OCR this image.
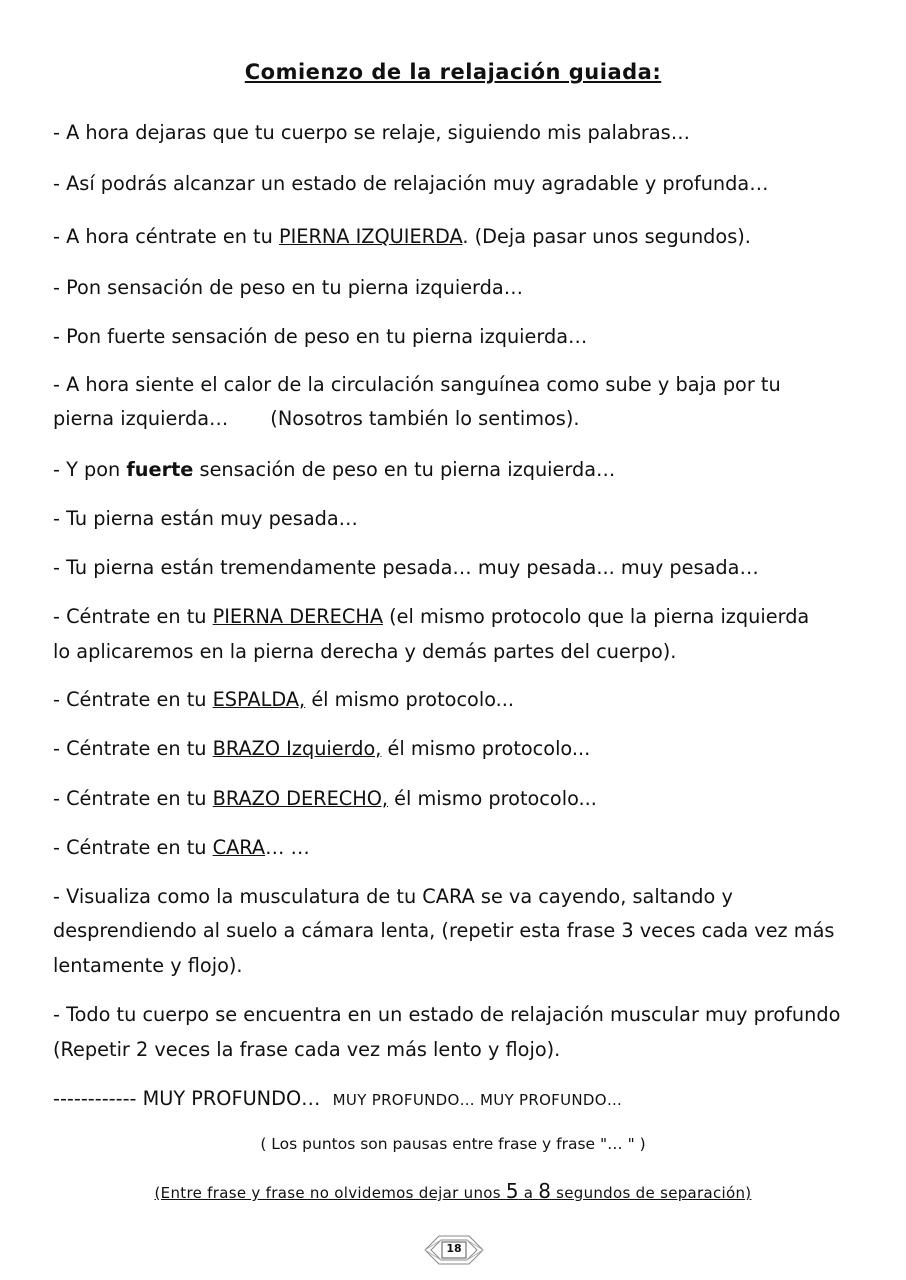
Comienzo de la relajación guiada:
- A hora dejaras que tu cuerpo se relaje, siguiendo mis palabras…
- Así podrás alcanzar un estado de relajación muy agradable y profunda…
- A hora céntrate en tu PIERNA IZQUIERDA. (Deja pasar unos segundos).
- Pon sensación de peso en tu pierna izquierda…
- Pon fuerte sensación de peso en tu pierna izquierda…
- A hora siente el calor de la circulación sanguínea como sube y baja por tu
pierna izquierda… (Nosotros también lo sentimos).
- Y pon fuerte sensación de peso en tu pierna izquierda…
- Tu pierna están muy pesada…
- Tu pierna están tremendamente pesada… muy pesada... muy pesada…
- Céntrate en tu PIERNA DERECHA (el mismo protocolo que la pierna izquierda
lo aplicaremos en la pierna derecha y demás partes del cuerpo).
- Céntrate en tu ESPALDA, él mismo protocolo...
- Céntrate en tu BRAZO Izquierdo, él mismo protocolo...
- Céntrate en tu BRAZO DERECHO, él mismo protocolo...
- Céntrate en tu CARA… …
- Visualiza como la musculatura de tu CARA se va cayendo, saltando y
desprendiendo al suelo a cámara lenta, (repetir esta frase 3 veces cada vez más
lentamente y flojo).
- Todo tu cuerpo se encuentra en un estado de relajación muscular muy profundo
(Repetir 2 veces la frase cada vez más lento y flojo).
------------ MUY PROFUNDO… MUY PROFUNDO… MUY PROFUNDO…
( Los puntos son pausas entre frase y frase "… " )
(Entre frase y frase no olvidemos dejar unos 5 a 8 segundos de separación)
18
